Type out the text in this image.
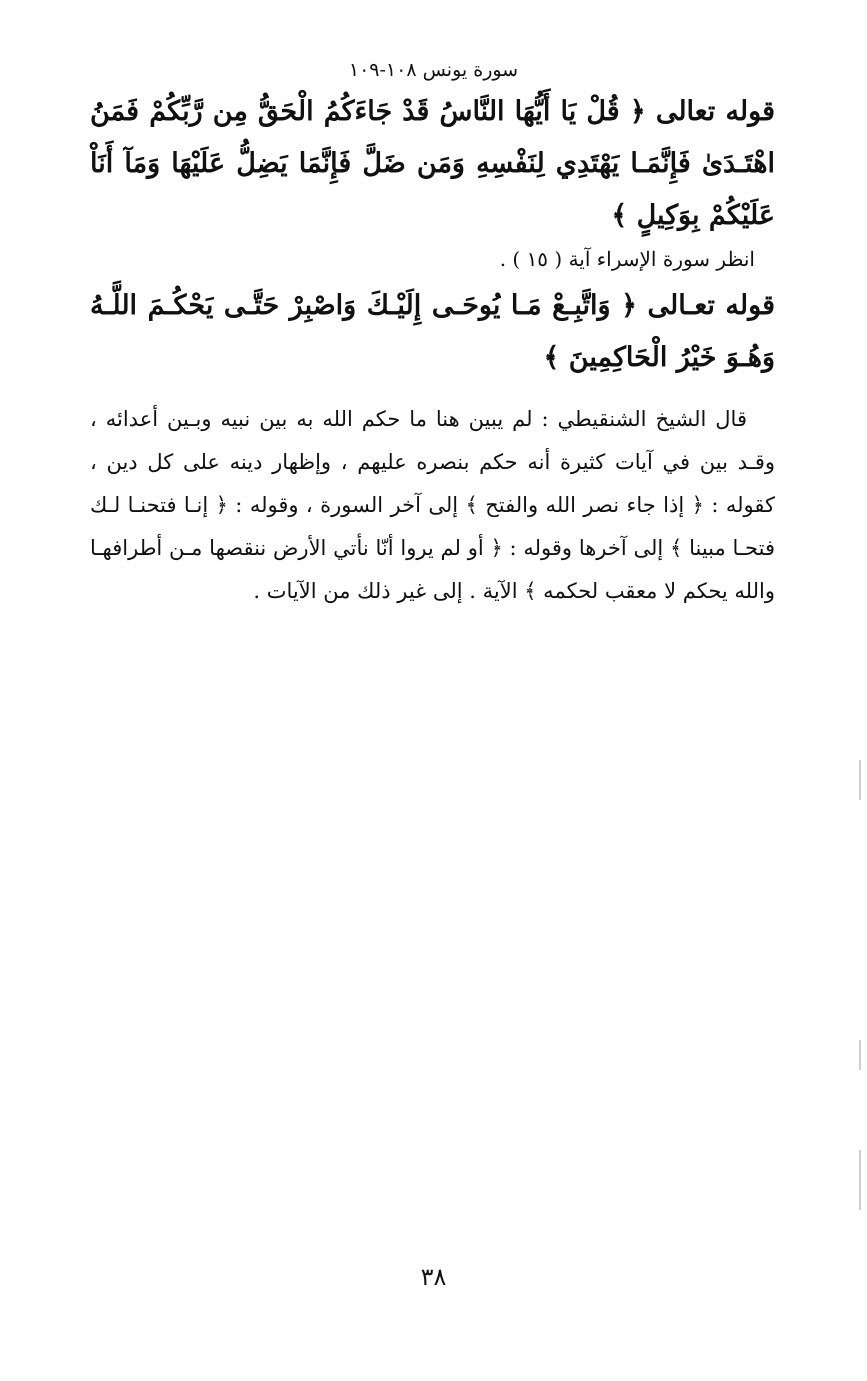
سورة يونس ١٠٨-١٠٩

قوله تعالى ﴿ قُلْ يَا أَيُّهَا النَّاسُ قَدْ جَاءَكُمُ الْحَقُّ مِن رَّبِّكُمْ فَمَنُ اهْتَـدَىٰ فَإِنَّمَـا يَهْتَدِي لِنَفْسِهِ وَمَن ضَلَّ فَإِنَّمَا يَضِلُّ عَلَيْهَا وَمَآ أَنَاْ عَلَيْكُمْ بِوَكِيلٍ ﴾

انظر سورة الإسراء آية ( ١٥ ) .

قوله تعـالى ﴿ وَاتَّبِـعْ مَـا يُوحَـى إِلَيْـكَ وَاصْبِرْ حَتَّـى يَحْكُـمَ اللَّـهُ وَهُـوَ خَيْرُ الْحَاكِمِينَ ﴾

قال الشيخ الشنقيطي : لم يبين هنا ما حكم الله به بين نبيه وبـين أعدائه ، وقـد بين في آيات كثيرة أنه حكم بنصره عليهم ، وإظهار دينه على كل دين ، كقوله : ﴿ إذا جاء نصر الله والفتح ﴾ إلى آخر السورة ، وقوله : ﴿ إنـا فتحنـا لـك فتحـا مبينا ﴾ إلى آخرها وقوله : ﴿ أو لم يروا أنّا نأتي الأرض ننقصها مـن أطرافهـا والله يحكم لا معقب لحكمه ﴾ الآية . إلى غير ذلك من الآيات .

٣٨
